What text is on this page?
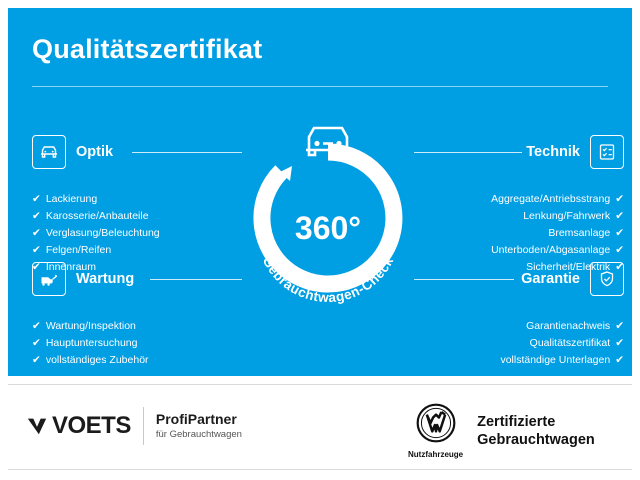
Qualitätszertifikat
Optik
✔ Lackierung
✔ Karosserie/Anbauteile
✔ Verglasung/Beleuchtung
✔ Felgen/Reifen
✔ Innenraum
Technik
Aggregate/Antriebsstrang ✔
Lenkung/Fahrwerk ✔
Bremsanlage ✔
Unterboden/Abgasanlage ✔
Sicherheit/Elektrik ✔
Wartung
✔ Wartung/Inspektion
✔ Hauptuntersuchung
✔ vollständiges Zubehör
Garantie
Garantienachweis ✔
Qualitätszertifikat ✔
vollständige Unterlagen ✔
360°
Gebrauchtwagen-Check
VOETS ProfiPartner
für Gebrauchtwagen
Nutzfahrzeuge
Zertifizierte
Gebrauchtwagen
